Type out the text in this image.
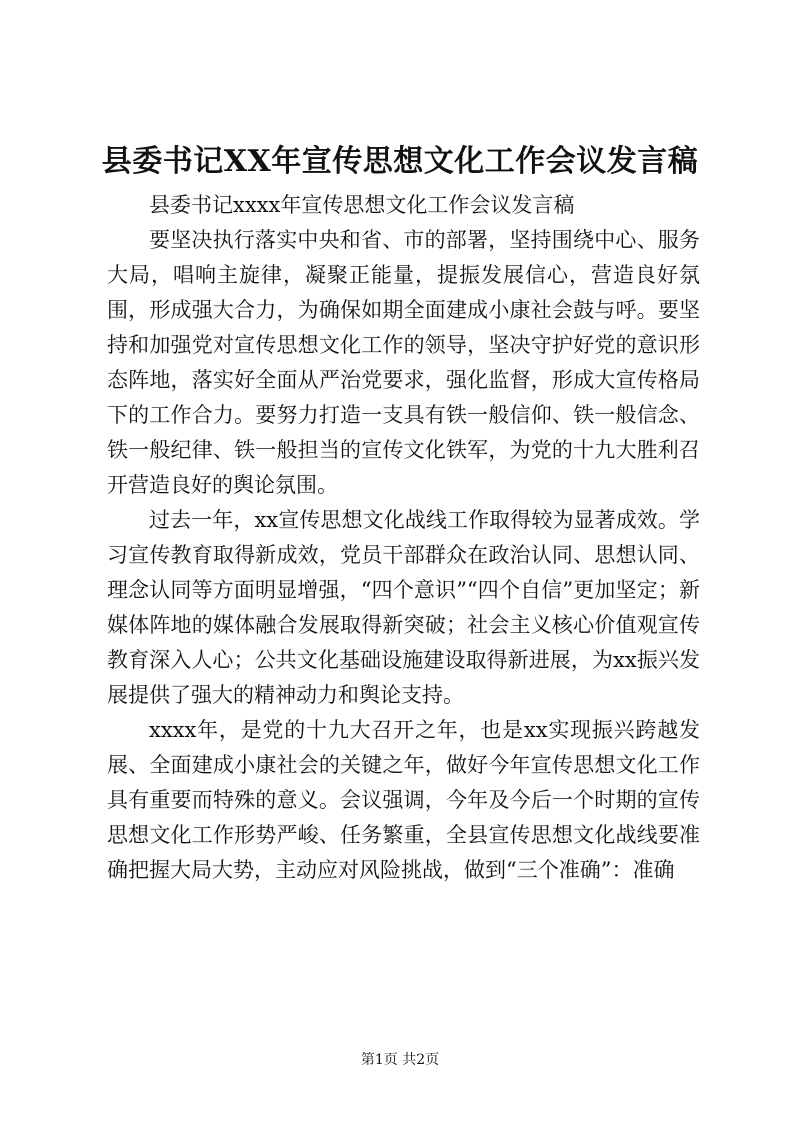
县委书记XX年宣传思想文化工作会议发言稿

县委书记xxxx年宣传思想文化工作会议发言稿

要坚决执行落实中央和省、市的部署，坚持围绕中心、服务大局，唱响主旋律，凝聚正能量，提振发展信心，营造良好氛围，形成强大合力，为确保如期全面建成小康社会鼓与呼。要坚持和加强党对宣传思想文化工作的领导，坚决守护好党的意识形态阵地，落实好全面从严治党要求，强化监督，形成大宣传格局下的工作合力。要努力打造一支具有铁一般信仰、铁一般信念、铁一般纪律、铁一般担当的宣传文化铁军，为党的十九大胜利召开营造良好的舆论氛围。

过去一年，xx宣传思想文化战线工作取得较为显著成效。学习宣传教育取得新成效，党员干部群众在政治认同、思想认同、理念认同等方面明显增强，“四个意识”“四个自信”更加坚定；新媒体阵地的媒体融合发展取得新突破；社会主义核心价值观宣传教育深入人心；公共文化基础设施建设取得新进展，为xx振兴发展提供了强大的精神动力和舆论支持。

xxxx年，是党的十九大召开之年，也是xx实现振兴跨越发展、全面建成小康社会的关键之年，做好今年宣传思想文化工作具有重要而特殊的意义。会议强调，今年及今后一个时期的宣传思想文化工作形势严峻、任务繁重，全县宣传思想文化战线要准确把握大局大势，主动应对风险挑战，做到“三个准确”：准确

第1页 共2页
